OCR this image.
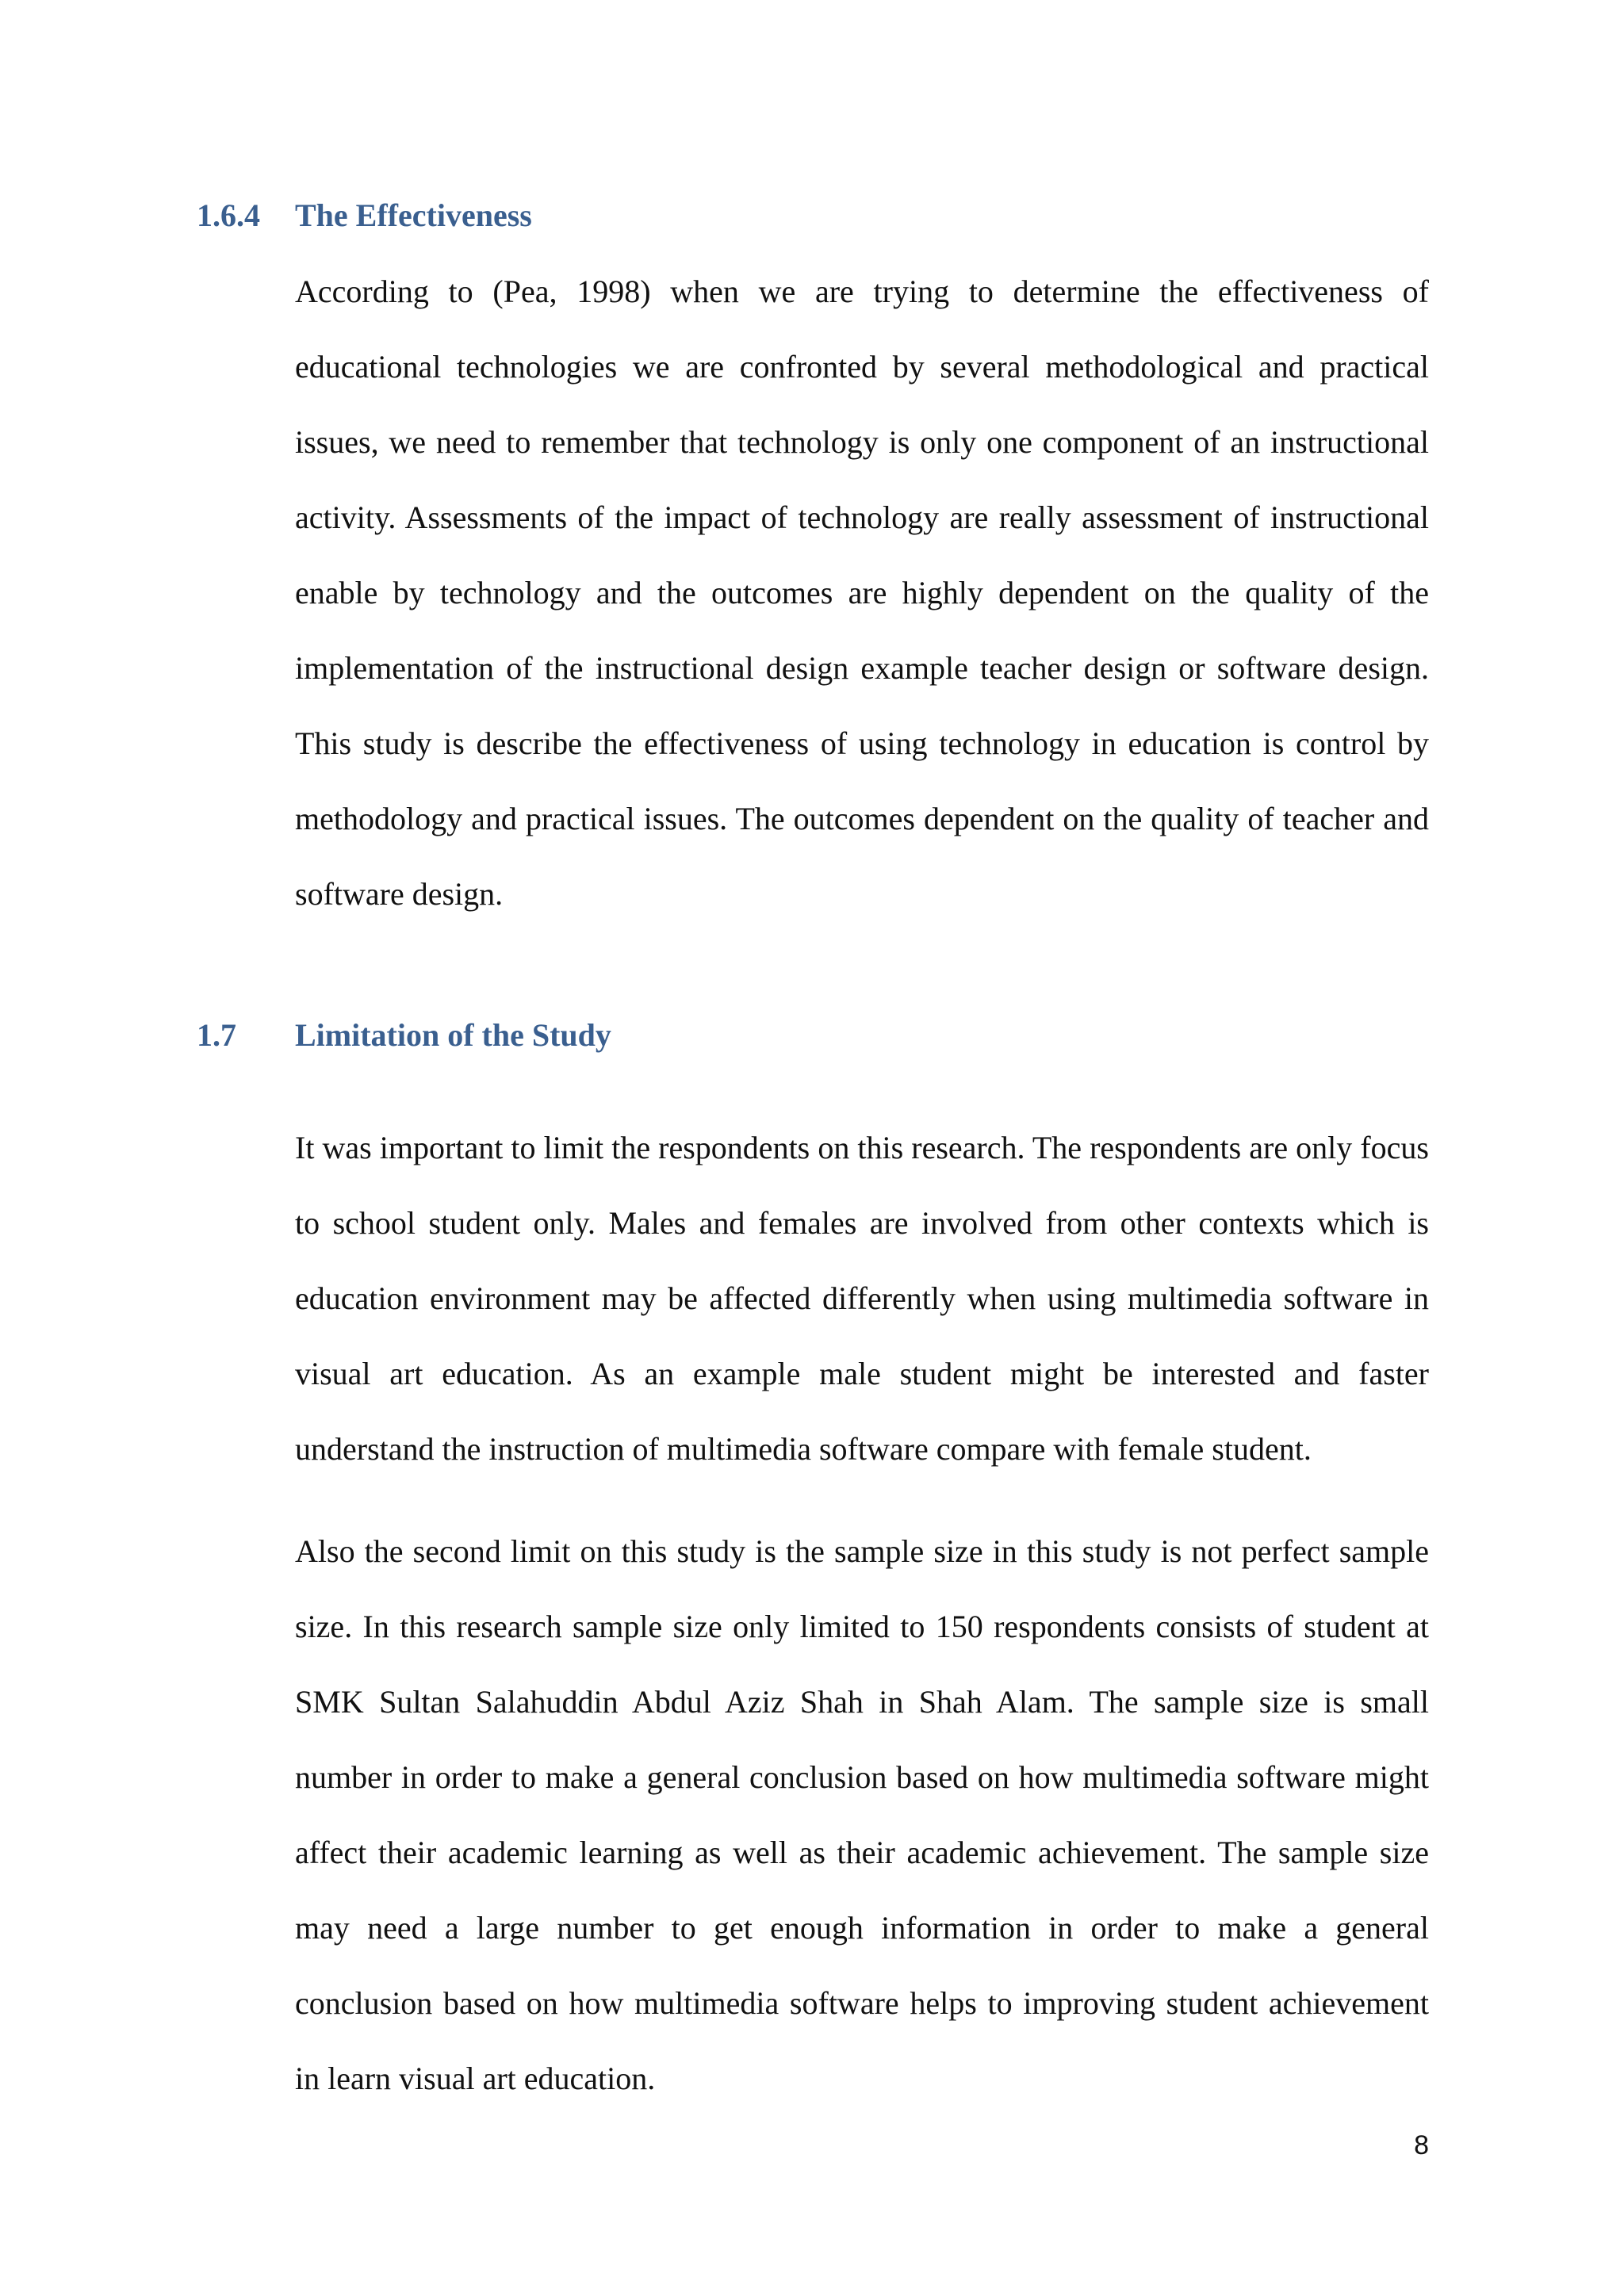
1.6.4 The Effectiveness

According to (Pea, 1998) when we are trying to determine the effectiveness of educational technologies we are confronted by several methodological and practical issues, we need to remember that technology is only one component of an instructional activity. Assessments of the impact of technology are really assessment of instructional enable by technology and the outcomes are highly dependent on the quality of the implementation of the instructional design example teacher design or software design. This study is describe the effectiveness of using technology in education is control by methodology and practical issues. The outcomes dependent on the quality of teacher and software design.

1.7 Limitation of the Study

It was important to limit the respondents on this research. The respondents are only focus to school student only. Males and females are involved from other contexts which is education environment may be affected differently when using multimedia software in visual art education. As an example male student might be interested and faster understand the instruction of multimedia software compare with female student.

Also the second limit on this study is the sample size in this study is not perfect sample size. In this research sample size only limited to 150 respondents consists of student at SMK Sultan Salahuddin Abdul Aziz Shah in Shah Alam. The sample size is small number in order to make a general conclusion based on how multimedia software might affect their academic learning as well as their academic achievement. The sample size may need a large number to get enough information in order to make a general conclusion based on how multimedia software helps to improving student achievement in learn visual art education.

8
